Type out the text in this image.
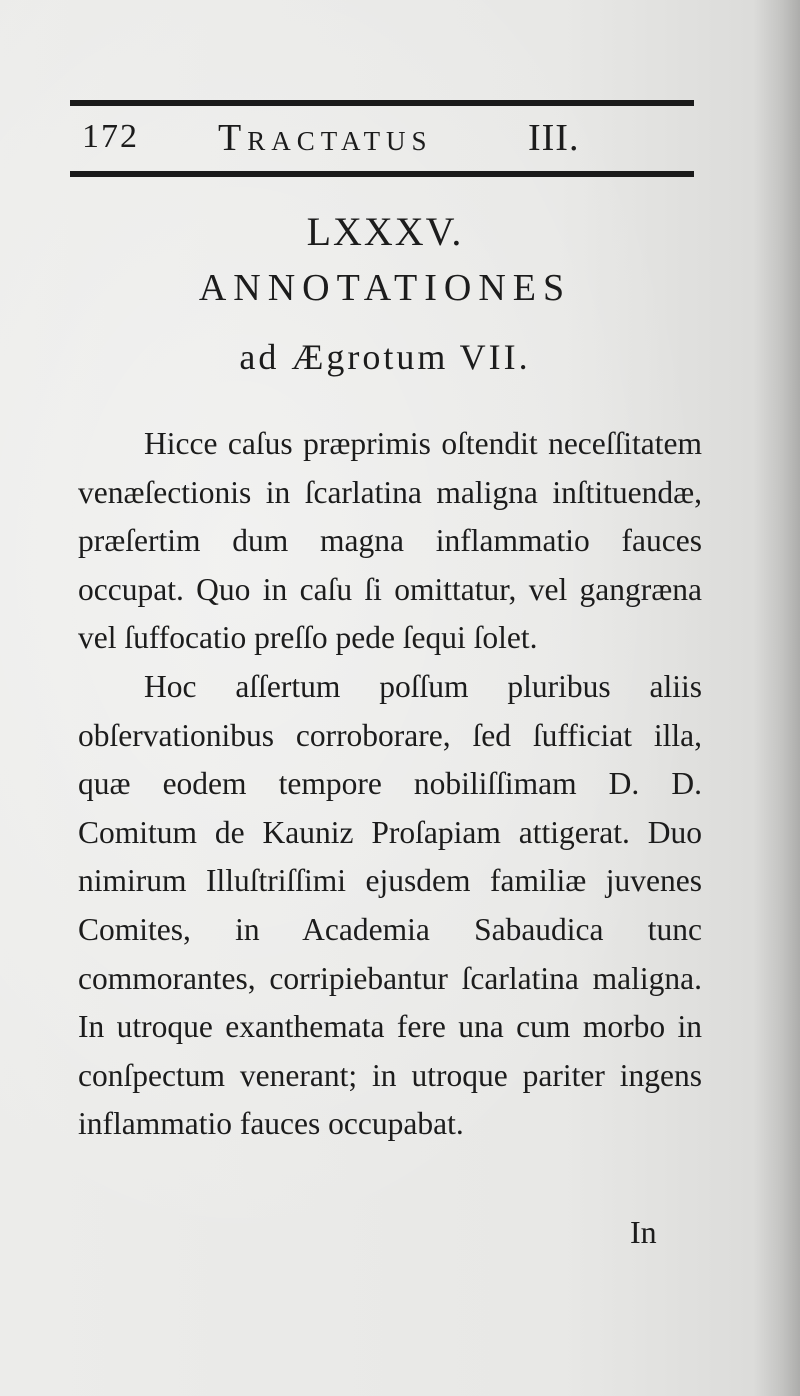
172 Tractatus	III.
LXXXV.
ANNOTATIONES
ad Ægrotum VII.

Hicce caſus præprimis oſtendit neceſſitatem venæſectionis in ſcarlatina maligna inſtituendæ, præſertim dum magna inflammatio fauces occupat. Quo in caſu ſi omittatur, vel gangræna vel ſuffocatio preſſo pede ſequi ſolet.

Hoc aſſertum poſſum pluribus aliis obſervationibus corroborare, ſed ſufficiat illa, quæ eodem tempore nobiliſſimam D. D. Comitum de Kauniz Proſapiam attigerat. Duo nimirum Illuſtriſſimi ejusdem familiæ juvenes Comites, in Academia Sabaudica tunc commorantes, corripiebantur ſcarlatina maligna. In utroque exanthemata fere una cum morbo in conſpectum venerant; in utroque pariter ingens inflammatio fauces occupabat.

In
